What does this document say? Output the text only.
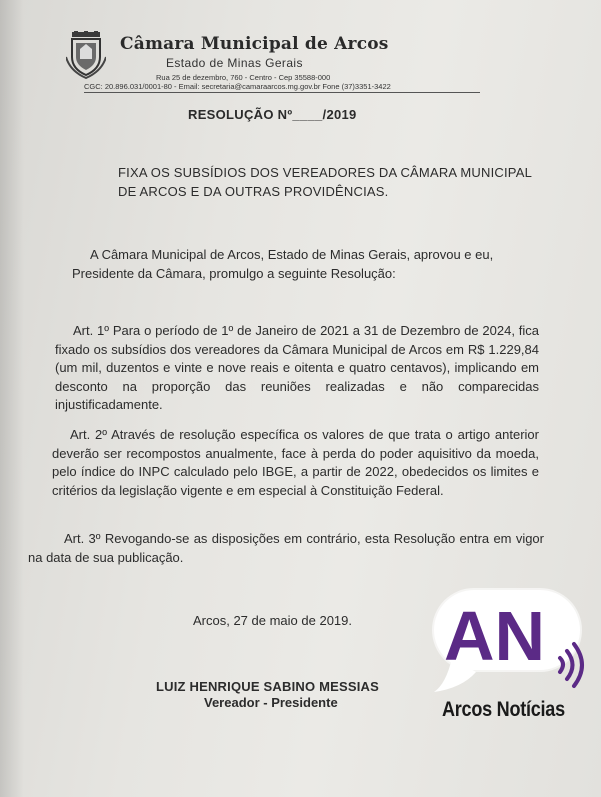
Câmara Municipal de Arcos
Estado de Minas Gerais
Rua 25 de dezembro, 760 - Centro - Cep 35588-000
CGC: 20.896.031/0001-80 - Email: secretaria@camaraarcos.mg.gov.br Fone (37)3351-3422
RESOLUÇÃO Nº____/2019
FIXA OS SUBSÍDIOS DOS VEREADORES DA CÂMARA MUNICIPAL DE ARCOS E DA OUTRAS PROVIDÊNCIAS.
A Câmara Municipal de Arcos, Estado de Minas Gerais, aprovou e eu, Presidente da Câmara, promulgo a seguinte Resolução:
Art. 1º Para o período de 1º de Janeiro de 2021 a 31 de Dezembro de 2024, fica fixado os subsídios dos vereadores da Câmara Municipal de Arcos em R$ 1.229,84 (um mil, duzentos e vinte e nove reais e oitenta e quatro centavos), implicando em desconto na proporção das reuniões realizadas e não comparecidas injustificadamente.
Art. 2º Através de resolução específica os valores de que trata o artigo anterior deverão ser recompostos anualmente, face à perda do poder aquisitivo da moeda, pelo índice do INPC calculado pelo IBGE, a partir de 2022, obedecidos os limites e critérios da legislação vigente e em especial à Constituição Federal.
Art. 3º Revogando-se as disposições em contrário, esta Resolução entra em vigor na data de sua publicação.
Arcos, 27 de maio de 2019.
LUIZ HENRIQUE SABINO MESSIAS
Vereador - Presidente
AN
Arcos Notícias
